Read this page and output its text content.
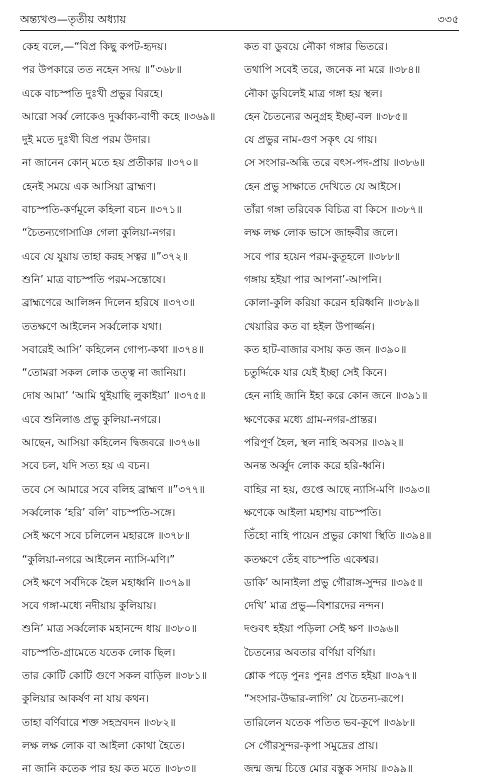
অন্ত্যখণ্ড—তৃতীয় অধ্যায়	৩৩৫
কেহ বলে,—“বিপ্র কিছু কপট-হৃদয়।
পর উপকারে তত নহেন সদয় ॥”৩৬৮॥
একে বাচস্পতি দুঃখী প্রভুর বিরহে।
আরো সর্ব্ব লোকেও দুর্ব্বাক্য-বাণী কহে ॥৩৬৯॥
দুই মতে দুঃখী বিপ্র পরম উদার।
না জানেন কোন্ মতে হয় প্রতীকার ॥৩৭০॥
হেনই সময়ে এক আসিয়া ব্রাহ্মণ।
বাচস্পতি-কর্ণমূলে কহিলা বচন ॥৩৭১॥
“চৈতন্যগোসাঞি গেলা কুলিয়া-নগর।
এবে যে যুয়ায় তাহা করহ সত্বর ॥”৩৭২॥
শুনি’ মাত্র বাচস্পতি পরম-সন্তোষে।
ব্রাহ্মণেরে আলিঙ্গন দিলেন হরিষে ॥৩৭৩॥
ততক্ষণে আইলেন সর্ব্বলোক যথা।
সবারেই আসি’ কহিলেন গোপ্য-কথা ॥৩৭৪॥
“তোমরা সকল লোক তত্ত্ব না জানিয়া।
দোষ আমা’ ‘আমি থুইয়াছি লুকাইয়া’ ॥৩৭৫॥
এবে শুনিলাঙ প্রভু কুলিয়া-নগরে।
আছেন, আসিয়া কহিলেন দ্বিজবরে ॥৩৭৬॥
সবে চল, যদি সত্য হয় এ বচন।
তবে সে আমারে সবে বলিহ ব্রাহ্মণ ॥”৩৭৭॥
সর্ব্বলোক ‘হরি’ বলি’ বাচস্পতি-সঙ্গে।
সেই ক্ষণে সবে চলিলেন মহারঙ্গে ॥৩৭৮॥
“কুলিয়া-নগরে আইলেন ন্যাসি-মণি।”
সেই ক্ষণে সর্বদিকে হৈল মহাধ্বনি ॥৩৭৯॥
সবে গঙ্গা-মধ্যে নদীয়ায় কুলিয়ায়।
শুনি’ মাত্র সর্ব্বলোক মহানন্দে ধায় ॥৩৮০॥
বাচস্পতি-গ্রামেতে যতেক লোক ছিল।
তার কোটি কোটি গুণে সকল বাড়িল ॥৩৮১॥
কুলিয়ার আকর্ষণ না যায় কথন।
তাহা বর্ণিবারে শক্ত সহস্রবদন ॥৩৮২॥
লক্ষ লক্ষ লোক বা আইলা কোথা হৈতে।
না জানি কতেক পার হয় কত মতে ॥৩৮৩॥
কত বা ডুবয়ে নৌকা গঙ্গার ভিতরে।
তথাপি সবেই তরে, জনেক না মরে ॥৩৮৪॥
নৌকা ডুবিলেই মাত্র গঙ্গা হয় স্থল।
হেন চৈতন্যের অনুগ্রহ ইচ্ছা-বল ॥৩৮৫॥
যে প্রভুর নাম-গুণ সকৃৎ যে গায়।
সে সংসার-অব্ধি তরে বৎস-পদ-প্রায় ॥৩৮৬॥
হেন প্রভু সাক্ষাতে দেখিতে যে আইসে।
তাঁরা গঙ্গা তরিবেক বিচিত্র বা কিসে ॥৩৮৭॥
লক্ষ লক্ষ লোক ভাসে জাহ্নবীর জলে।
সবে পার হয়েন পরম-কুতূহলে ॥৩৮৮॥
গঙ্গায় হইয়া পার আপনা’-আপনি।
কোলা-কুলি করিয়া করেন হরিধ্বনি ॥৩৮৯॥
খেয়ারির কত বা হইল উপার্জ্জন।
কত হাট-বাজার বসায় কত জন ॥৩৯০॥
চতুর্দ্দিকে যার যেই ইচ্ছা সেই কিনে।
হেন নাহি জানি ইহা করে কোন জনে ॥৩৯১॥
ক্ষণেকের মধ্যে গ্রাম-নগর-প্রান্তর।
পরিপূর্ণ হৈল, স্থল নাহি অবসর ॥৩৯২॥
অনন্ত অর্ব্বুদ লোক করে হরি-ধ্বনি।
বাহির না হয়, গুপ্তে আছে ন্যাসি-মণি ॥৩৯৩॥
ক্ষণেকে আইলা মহাশয় বাচস্পতি।
তিঁহো নাহি পায়েন প্রভুর কোথা স্থিতি ॥৩৯৪॥
কতক্ষণে তেঁহ বাচস্পতি একেশ্বর।
ডাকি’ আনাইলা প্রভু গৌরাঙ্গ-সুন্দর ॥৩৯৫॥
দেখি’ মাত্র প্রভু—বিশারদের নন্দন।
দণ্ডবৎ হইয়া পড়িলা সেই ক্ষণ ॥৩৯৬॥
চৈতন্যের অবতার বর্ণিয়া বর্ণিয়া।
শ্লোক পড়ে পুনঃ পুনঃ প্রণত হইয়া ॥৩৯৭॥
“সংসার-উদ্ধার-লাগি’ যে চৈতন্য-রূপে।
তারিলেন যতেক পতিত ভব-কূপে ॥৩৯৮॥
সে গৌরসুন্দর-কৃপা সমুদ্রের প্রায়।
জন্ম জন্ম চিত্তে মোর বস্তুক সদায় ॥৩৯৯॥
